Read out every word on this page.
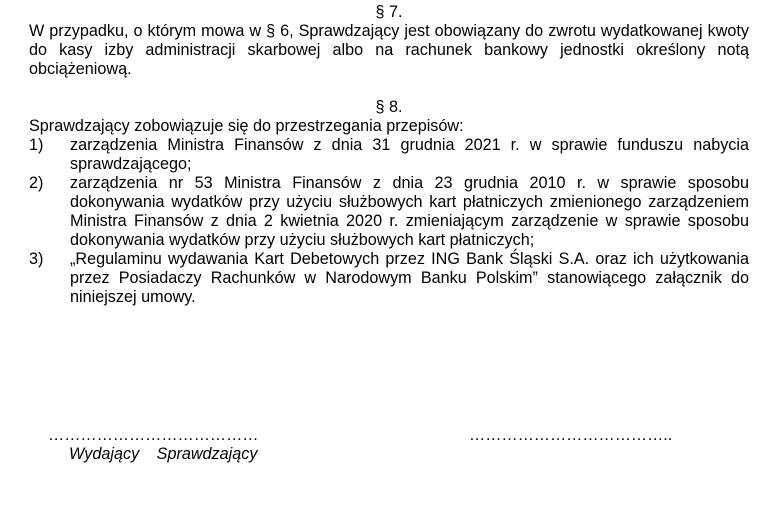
§ 7.

W przypadku, o którym mowa w § 6, Sprawdzający jest obowiązany do zwrotu wydatkowanej kwoty do kasy izby administracji skarbowej albo na rachunek bankowy jednostki określony notą obciążeniową.

§ 8.

Sprawdzający zobowiązuje się do przestrzegania przepisów:

1) zarządzenia Ministra Finansów z dnia 31 grudnia 2021 r. w sprawie funduszu nabycia sprawdzającego;
2) zarządzenia nr 53 Ministra Finansów z dnia 23 grudnia 2010 r. w sprawie sposobu dokonywania wydatków przy użyciu służbowych kart płatniczych zmienionego zarządzeniem Ministra Finansów z dnia 2 kwietnia 2020 r. zmieniającym zarządzenie w sprawie sposobu dokonywania wydatków przy użyciu służbowych kart płatniczych;
3) „Regulaminu wydawania Kart Debetowych przez ING Bank Śląski S.A. oraz ich użytkowania przez Posiadaczy Rachunków w Narodowym Banku Polskim” stanowiącego załącznik do niniejszej umowy.
…………………………………	………………………………..
Wydający Sprawdzający
